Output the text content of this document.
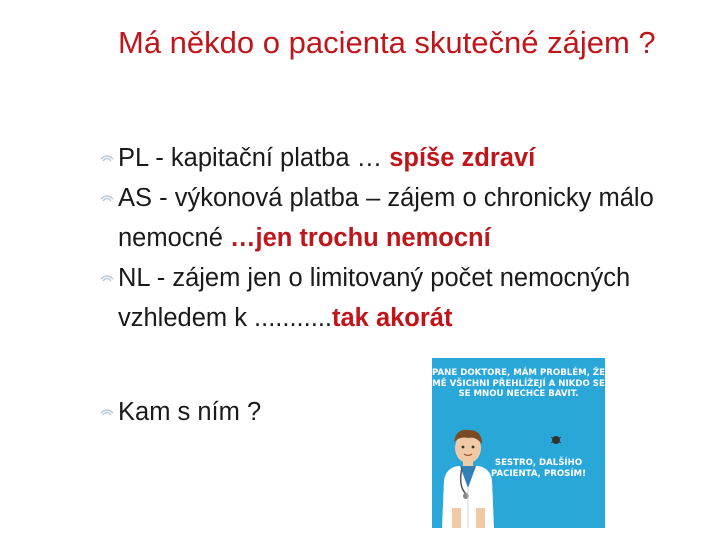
Má někdo o pacienta skutečné zájem ?
PL - kapitační platba … spíše zdraví
AS - výkonová platba – zájem o chronicky málo nemocné …jen trochu nemocní
NL - zájem jen o limitovaný počet nemocných vzhledem k ...........tak akorát
Kam s ním ?
PANE DOKTORE, MÁM PROBLÉM, ŽE MĚ VŠICHNI PŘEHLÍŽEJÍ A NIKDO SE SE MNOU NECHCE BAVIT.
SESTRO, DALŠÍHO PACIENTA, PROSÍM!
